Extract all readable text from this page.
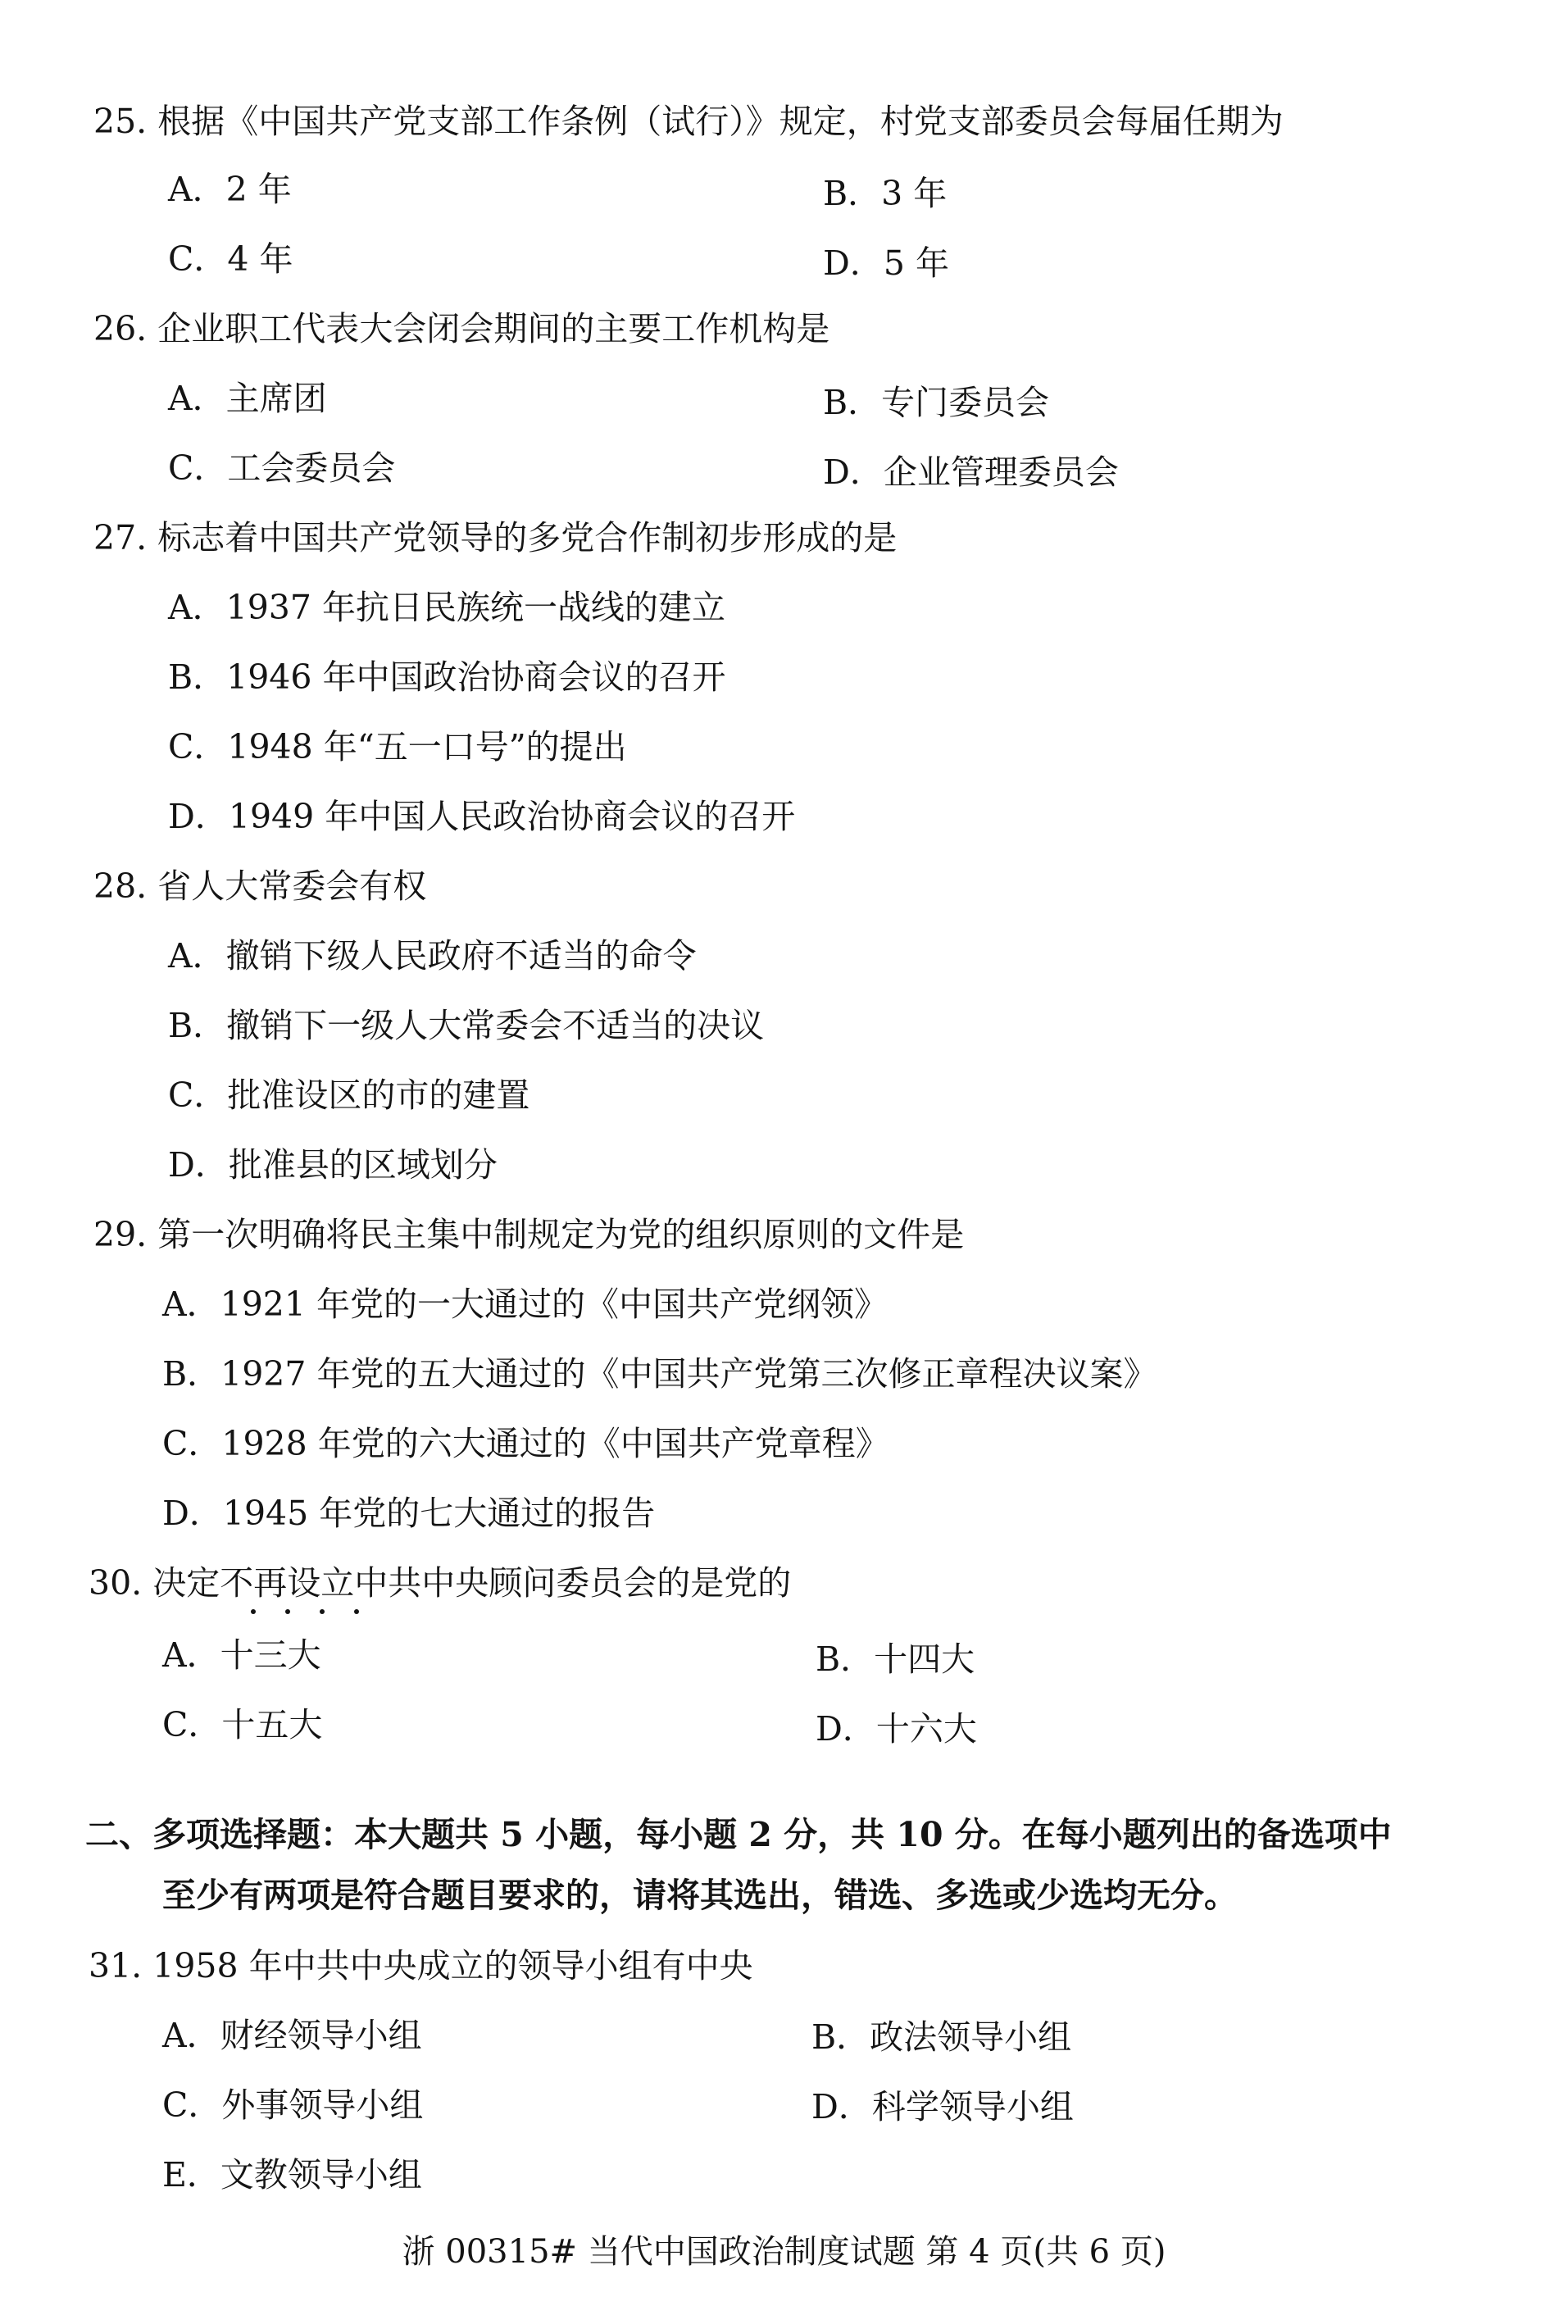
25. 根据《中国共产党支部工作条例（试行）》规定，村党支部委员会每届任期为
A．2 年	B．3 年
C．4 年	D．5 年
26. 企业职工代表大会闭会期间的主要工作机构是
A．主席团	B．专门委员会
C．工会委员会	D．企业管理委员会
27. 标志着中国共产党领导的多党合作制初步形成的是
A．1937 年抗日民族统一战线的建立
B．1946 年中国政治协商会议的召开
C．1948 年“五一口号”的提出
D．1949 年中国人民政治协商会议的召开
28. 省人大常委会有权
A．撤销下级人民政府不适当的命令
B．撤销下一级人大常委会不适当的决议
C．批准设区的市的建置
D．批准县的区域划分
29. 第一次明确将民主集中制规定为党的组织原则的文件是
A．1921 年党的一大通过的《中国共产党纲领》
B．1927 年党的五大通过的《中国共产党第三次修正章程决议案》
C．1928 年党的六大通过的《中国共产党章程》
D．1945 年党的七大通过的报告
30. 决定不再设立中共中央顾问委员会的是党的
A．十三大	B．十四大
C．十五大	D．十六大
二、多项选择题：本大题共 5 小题，每小题 2 分，共 10 分。在每小题列出的备选项中
至少有两项是符合题目要求的，请将其选出，错选、多选或少选均无分。
31. 1958 年中共中央成立的领导小组有中央
A．财经领导小组	B．政法领导小组
C．外事领导小组	D．科学领导小组
E．文教领导小组
浙 00315# 当代中国政治制度试题 第 4 页(共 6 页)
